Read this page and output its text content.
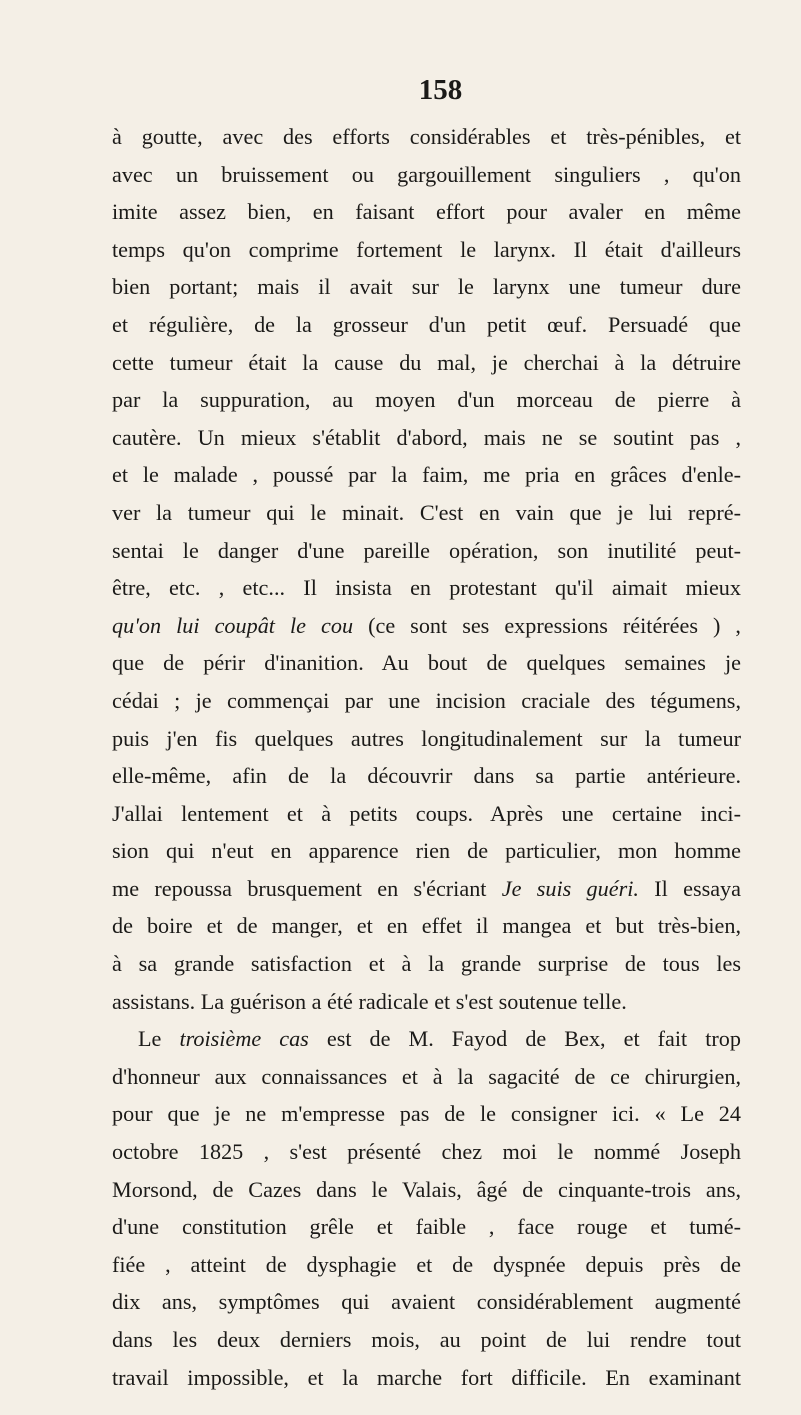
158
à goutte, avec des efforts considérables et très-pénibles, et
avec un bruissement ou gargouillement singuliers , qu'on
imite assez bien, en faisant effort pour avaler en même
temps qu'on comprime fortement le larynx. Il était d'ailleurs
bien portant; mais il avait sur le larynx une tumeur dure
et régulière, de la grosseur d'un petit œuf. Persuadé que
cette tumeur était la cause du mal, je cherchai à la détruire
par la suppuration, au moyen d'un morceau de pierre à
cautère. Un mieux s'établit d'abord, mais ne se soutint pas ,
et le malade , poussé par la faim, me pria en grâces d'enle-
ver la tumeur qui le minait. C'est en vain que je lui repré-
sentai le danger d'une pareille opération, son inutilité peut-
être, etc. , etc... Il insista en protestant qu'il aimait mieux
qu'on lui coupât le cou (ce sont ses expressions réitérées ) ,
que de périr d'inanition. Au bout de quelques semaines je
cédai ; je commençai par une incision craciale des tégumens,
puis j'en fis quelques autres longitudinalement sur la tumeur
elle-même, afin de la découvrir dans sa partie antérieure.
J'allai lentement et à petits coups. Après une certaine inci-
sion qui n'eut en apparence rien de particulier, mon homme
me repoussa brusquement en s'écriant Je suis guéri. Il essaya
de boire et de manger, et en effet il mangea et but très-bien,
à sa grande satisfaction et à la grande surprise de tous les
assistans. La guérison a été radicale et s'est soutenue telle.
Le troisième cas est de M. Fayod de Bex, et fait trop
d'honneur aux connaissances et à la sagacité de ce chirurgien,
pour que je ne m'empresse pas de le consigner ici. « Le 24
octobre 1825 , s'est présenté chez moi le nommé Joseph
Morsond, de Cazes dans le Valais, âgé de cinquante-trois ans,
d'une constitution grêle et faible , face rouge et tumé-
fiée , atteint de dysphagie et de dyspnée depuis près de
dix ans, symptômes qui avaient considérablement augmenté
dans les deux derniers mois, au point de lui rendre tout
travail impossible, et la marche fort difficile. En examinant
